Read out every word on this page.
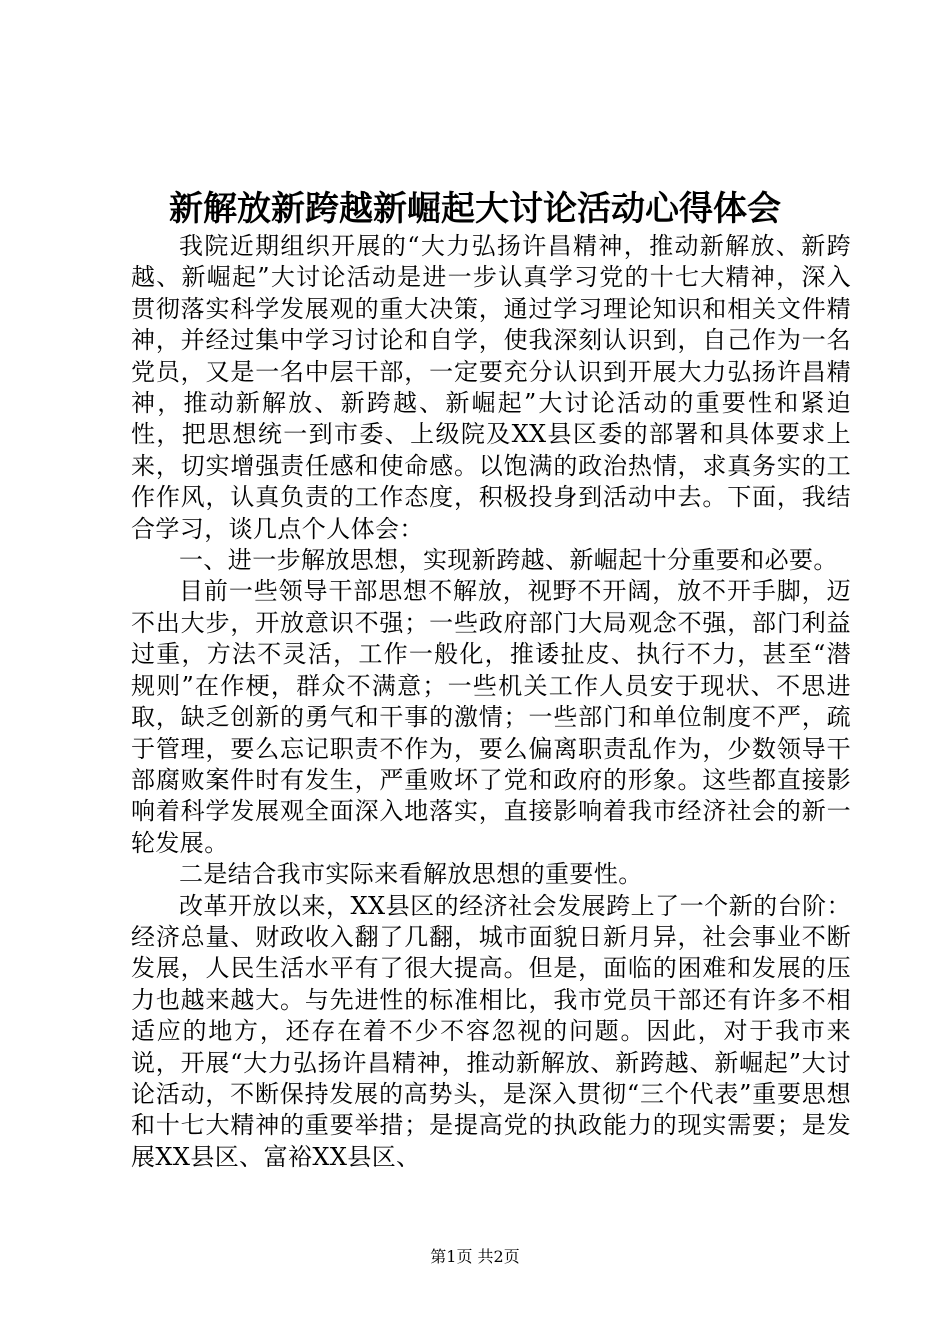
新解放新跨越新崛起大讨论活动心得体会

我院近期组织开展的“大力弘扬许昌精神，推动新解放、新跨越、新崛起”大讨论活动是进一步认真学习党的十七大精神，深入贯彻落实科学发展观的重大决策，通过学习理论知识和相关文件精神，并经过集中学习讨论和自学，使我深刻认识到，自己作为一名党员，又是一名中层干部，一定要充分认识到开展大力弘扬许昌精神，推动新解放、新跨越、新崛起”大讨论活动的重要性和紧迫性，把思想统一到市委、上级院及XX县区委的部署和具体要求上来，切实增强责任感和使命感。以饱满的政治热情，求真务实的工作作风，认真负责的工作态度，积极投身到活动中去。下面，我结合学习，谈几点个人体会：

一、进一步解放思想，实现新跨越、新崛起十分重要和必要。

目前一些领导干部思想不解放，视野不开阔，放不开手脚，迈不出大步，开放意识不强；一些政府部门大局观念不强，部门利益过重，方法不灵活，工作一般化，推诿扯皮、执行不力，甚至“潜规则”在作梗，群众不满意；一些机关工作人员安于现状、不思进取，缺乏创新的勇气和干事的激情；一些部门和单位制度不严，疏于管理，要么忘记职责不作为，要么偏离职责乱作为，少数领导干部腐败案件时有发生，严重败坏了党和政府的形象。这些都直接影响着科学发展观全面深入地落实，直接影响着我市经济社会的新一轮发展。

二是结合我市实际来看解放思想的重要性。

改革开放以来，XX县区的经济社会发展跨上了一个新的台阶：经济总量、财政收入翻了几翻，城市面貌日新月异，社会事业不断发展，人民生活水平有了很大提高。但是，面临的困难和发展的压力也越来越大。与先进性的标准相比，我市党员干部还有许多不相适应的地方，还存在着不少不容忽视的问题。因此，对于我市来说，开展“大力弘扬许昌精神，推动新解放、新跨越、新崛起”大讨论活动，不断保持发展的高势头，是深入贯彻“三个代表”重要思想和十七大精神的重要举措；是提高党的执政能力的现实需要；是发展XX县区、富裕XX县区、

第1页 共2页
